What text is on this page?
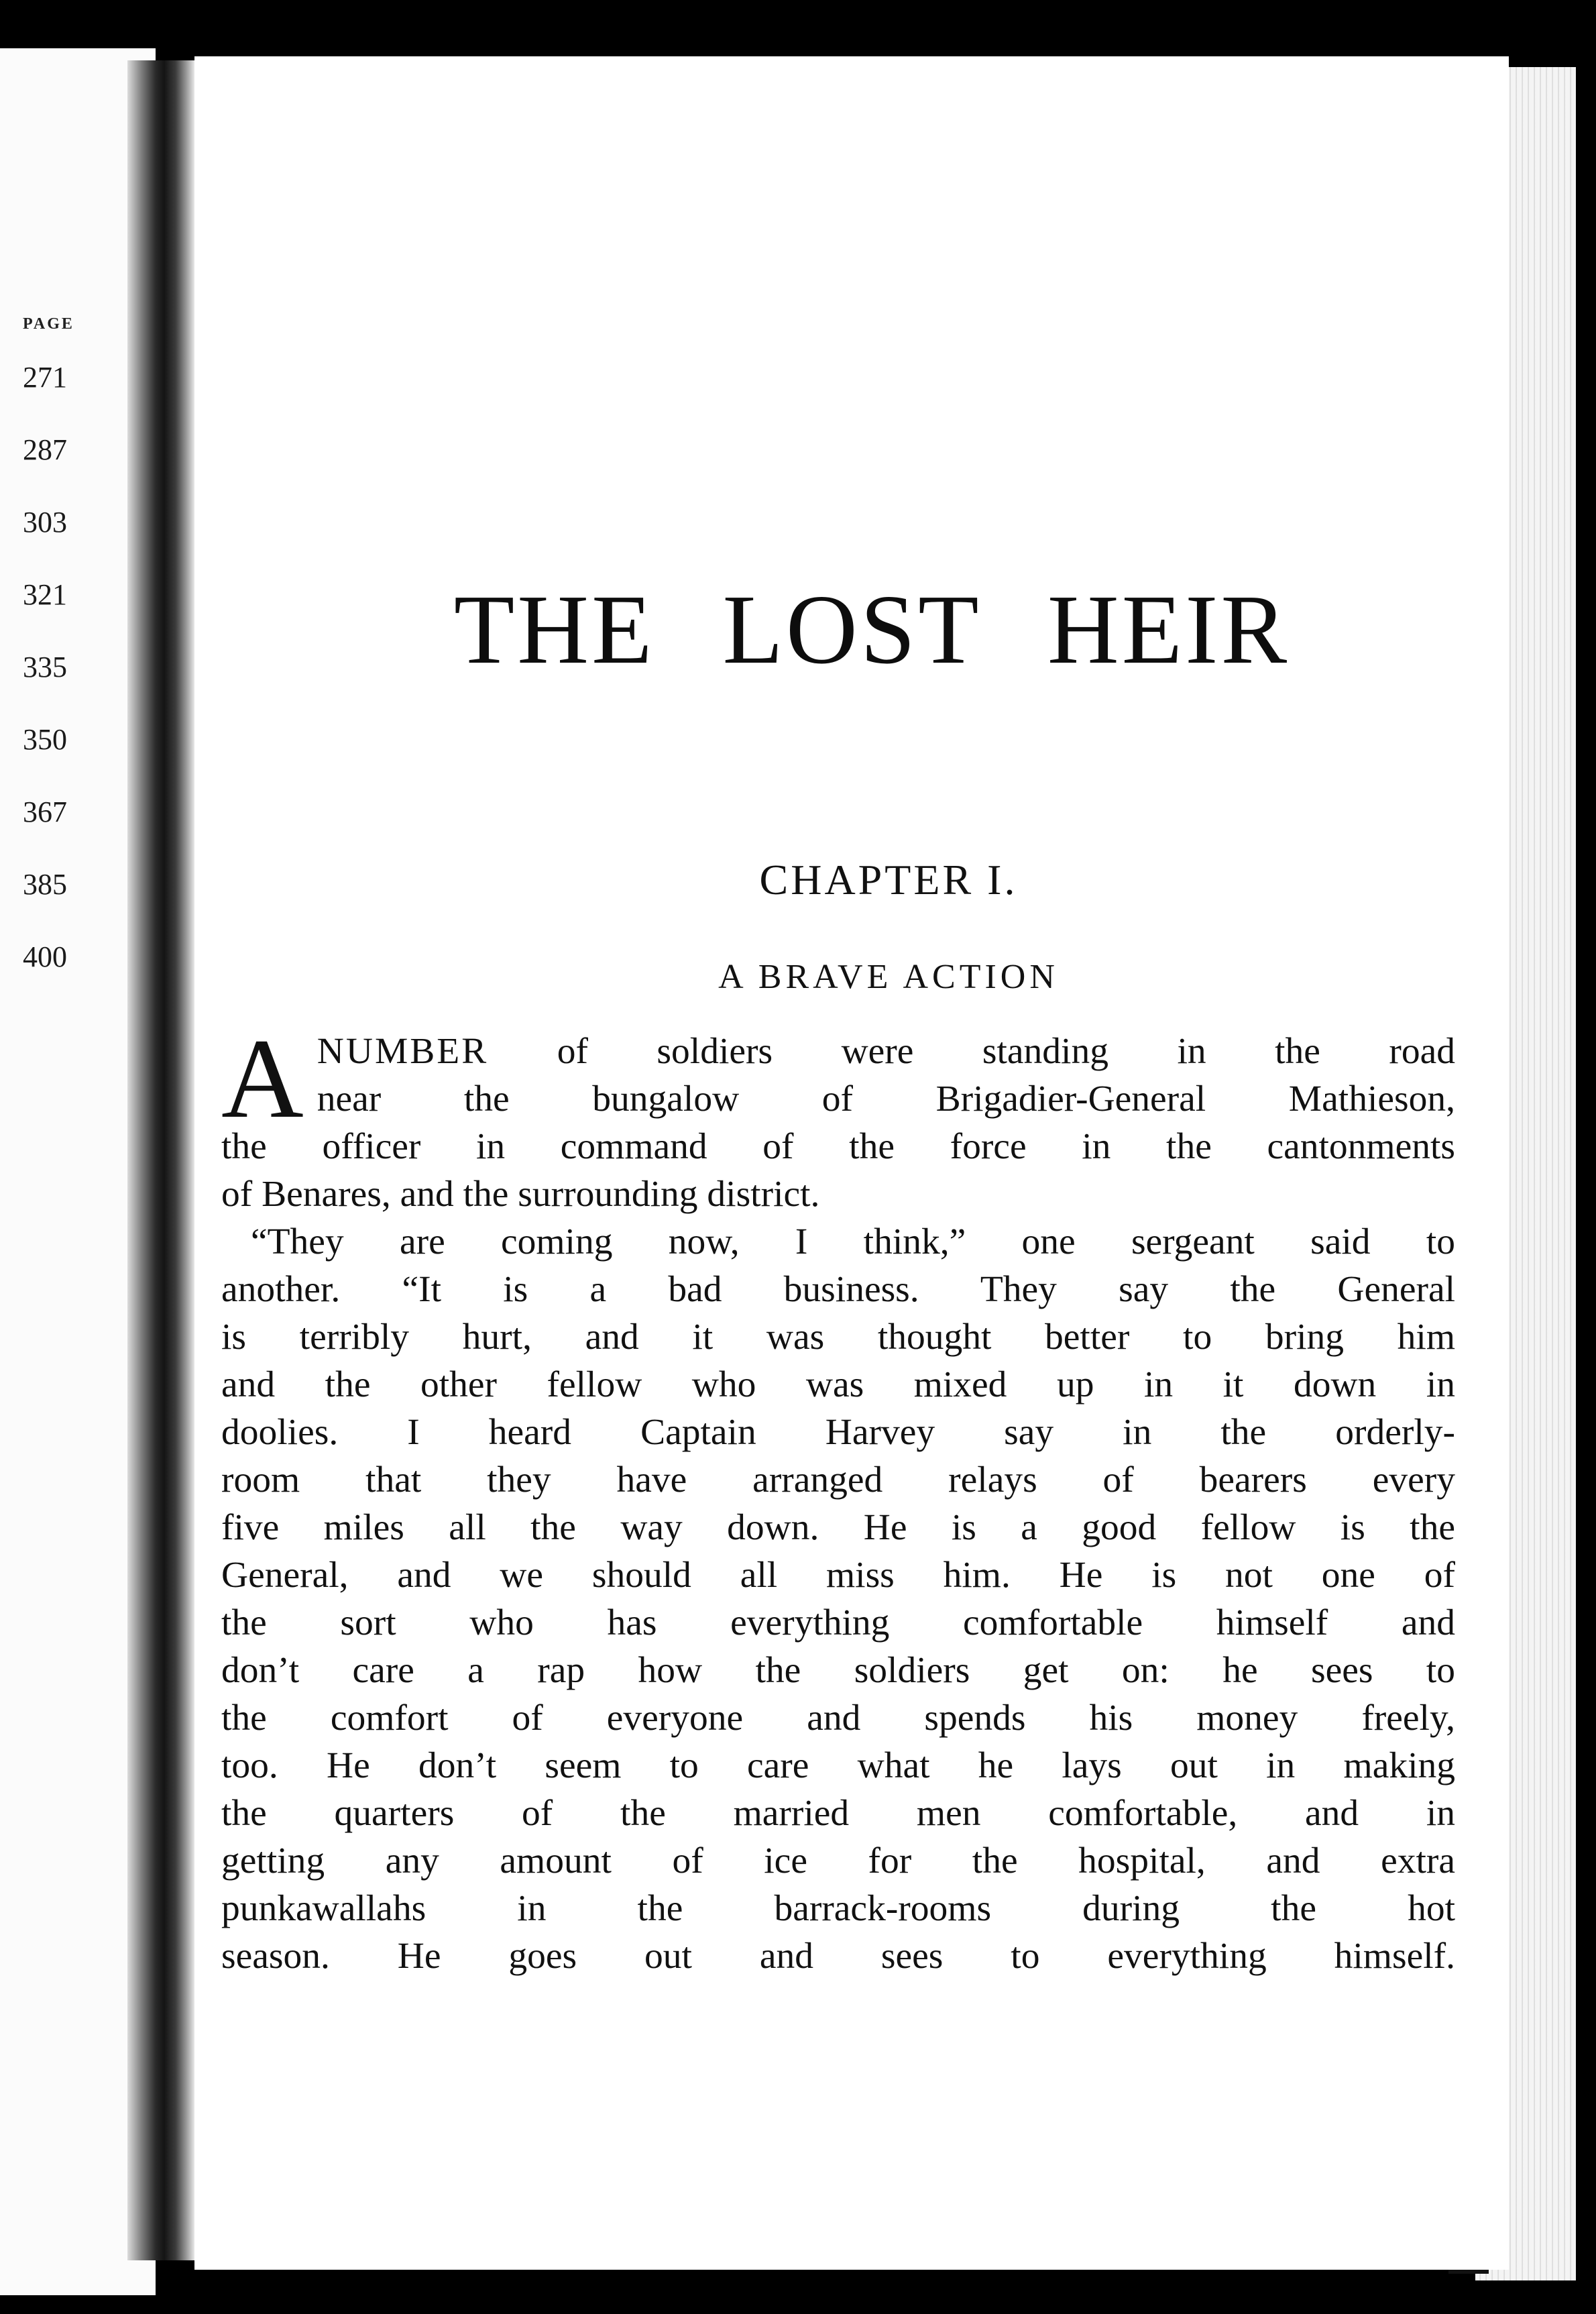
PAGE
271
287
303
321
335
350
367
385
400
THE LOST HEIR
CHAPTER I.
A BRAVE ACTION
A NUMBER of soldiers were standing in the road
near the bungalow of Brigadier-General Mathieson,
the officer in command of the force in the cantonments
of Benares, and the surrounding district.
“They are coming now, I think,” one sergeant said to
another. “It is a bad business. They say the General
is terribly hurt, and it was thought better to bring him
and the other fellow who was mixed up in it down in
doolies. I heard Captain Harvey say in the orderly-
room that they have arranged relays of bearers every
five miles all the way down. He is a good fellow is the
General, and we should all miss him. He is not one of
the sort who has everything comfortable himself and
don’t care a rap how the soldiers get on: he sees to
the comfort of everyone and spends his money freely,
too. He don’t seem to care what he lays out in making
the quarters of the married men comfortable, and in
getting any amount of ice for the hospital, and extra
punkawallahs in the barrack-rooms during the hot
season. He goes out and sees to everything himself.
